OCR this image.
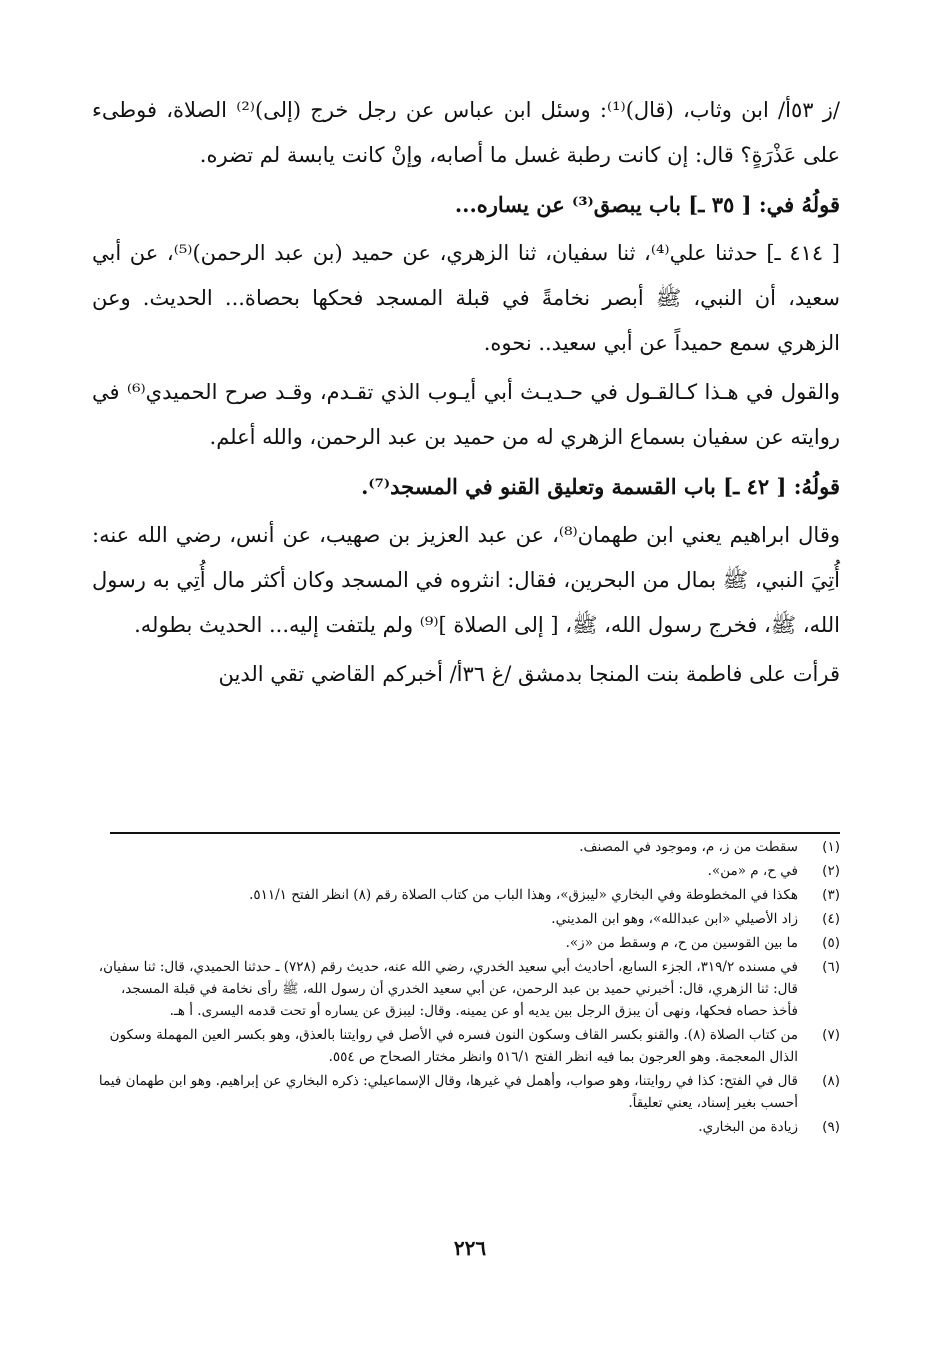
/ز ٥٣أ/ ابن وثاب، (قال)⁽¹⁾: وسئل ابن عباس عن رجل خرج (إلى)⁽²⁾ الصلاة، فوطىء على عَذْرَةٍ؟ قال: إن كانت رطبة غسل ما أصابه، وإنْ كانت يابسة لم تضره.

قولُهُ في: [ ٣٥ ـ] باب يبصق⁽³⁾ عن يساره...

[ ٤١٤ ـ] حدثنا علي⁽⁴⁾، ثنا سفيان، ثنا الزهري، عن حميد (بن عبد الرحمن)⁽⁵⁾، عن أبي سعيد، أن النبي، ﷺ أبصر نخامةً في قبلة المسجد فحكها بحصاة... الحديث. وعن الزهري سمع حميداً عن أبي سعيد.. نحوه.

والقول في هـذا كـالقـول في حـديـث أبي أيـوب الذي تقـدم، وقـد صرح الحميدي⁽⁶⁾ في روايته عن سفيان بسماع الزهري له من حميد بن عبد الرحمن، والله أعلم.

قولُهُ: [ ٤٢ ـ] باب القسمة وتعليق القنو في المسجد⁽⁷⁾.

وقال ابراهيم يعني ابن طهمان⁽⁸⁾، عن عبد العزيز بن صهيب، عن أنس، رضي الله عنه: أُتِيَ النبي، ﷺ بمال من البحرين، فقال: انثروه في المسجد وكان أكثر مال أُتِي به رسول الله، ﷺ، فخرج رسول الله، ﷺ، [ إلى الصلاة ]⁽⁹⁾ ولم يلتفت إليه... الحديث بطوله.

قرأت على فاطمة بنت المنجا بدمشق /غ ٣٦أ/ أخبركم القاضي تقي الدين

(١)
سقطت من ز، م، وموجود في المصنف.
(٢)
في ح، م «من».
(٣)
هكذا في المخطوطة وفي البخاري «ليبزق»، وهذا الباب من كتاب الصلاة رقم (٨) انظر الفتح ٥١١/١.
(٤)
زاد الأصيلي «ابن عبدالله»، وهو ابن المديني.
(٥)
ما بين القوسين من ح، م وسقط من «ز».
(٦)
في مسنده ٣١٩/٢، الجزء السابع، أحاديث أبي سعيد الخدري، رضي الله عنه، حديث رقم (٧٢٨) ـ حدثنا الحميدي، قال: ثنا سفيان، قال: ثنا الزهري، قال: أخبرني حميد بن عبد الرحمن، عن أبي سعيد الخدري أن رسول الله، ﷺ رأى نخامة في قبلة المسجد، فأخذ حصاه فحكها، ونهى أن يبزق الرجل بين يديه أو عن يمينه. وقال: ليبزق عن يساره أو تحت قدمه اليسرى. أ هـ.
(٧)
من كتاب الصلاة (٨). والقنو بكسر القاف وسكون النون فسره في الأصل في روايتنا بالعذق، وهو بكسر العين المهملة وسكون الذال المعجمة. وهو العرجون بما فيه انظر الفتح ٥١٦/١ وانظر مختار الصحاح ص ٥٥٤.
(٨)
قال في الفتح: كذا في روايتنا، وهو صواب، وأهمل في غيرها، وقال الإسماعيلي: ذكره البخاري عن إبراهيم. وهو ابن طهمان فيما أحسب بغير إسناد، يعني تعليقاً.
(٩)
زيادة من البخاري.
٢٢٦
